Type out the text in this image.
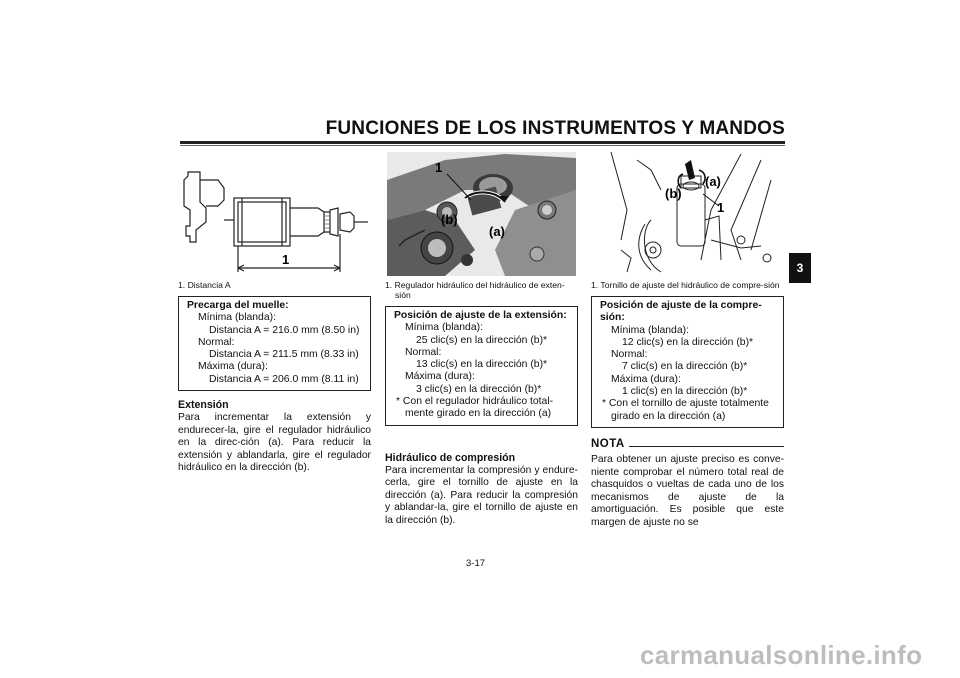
FUNCIONES DE LOS INSTRUMENTOS Y MANDOS
3
1
1. Distancia A
Precarga del muelle:
Mínima (blanda):
Distancia A = 216.0 mm (8.50 in)
Normal:
Distancia A = 211.5 mm (8.33 in)
Máxima (dura):
Distancia A = 206.0 mm (8.11 in)
Extensión

Para incrementar la extensión y endurecer-la, gire el regulador hidráulico en la direc-ción (a). Para reducir la extensión y ablandarla, gire el regulador hidráulico en la dirección (b).

1
(b)
(a)
1. Regulador hidráulico del hidráulico de exten-sión
Posición de ajuste de la extensión:
Mínima (blanda):
25 clic(s) en la dirección (b)*
Normal:
13 clic(s) en la dirección (b)*
Máxima (dura):
3 clic(s) en la dirección (b)*
* Con el regulador hidráulico total-mente girado en la dirección (a)
Hidráulico de compresión

Para incrementar la compresión y endure-cerla, gire el tornillo de ajuste en la dirección (a). Para reducir la compresión y ablandar-la, gire el tornillo de ajuste en la dirección (b).

(a)
(b)
1
1. Tornillo de ajuste del hidráulico de compre-sión
Posición de ajuste de la compre-sión:
Mínima (blanda):
12 clic(s) en la dirección (b)*
Normal:
7 clic(s) en la dirección (b)*
Máxima (dura):
1 clic(s) en la dirección (b)*
* Con el tornillo de ajuste totalmente girado en la dirección (a)
NOTA

Para obtener un ajuste preciso es conve-niente comprobar el número total real de chasquidos o vueltas de cada uno de los mecanismos de ajuste de la amortiguación. Es posible que este margen de ajuste no se

3-17
carmanualsonline.info
